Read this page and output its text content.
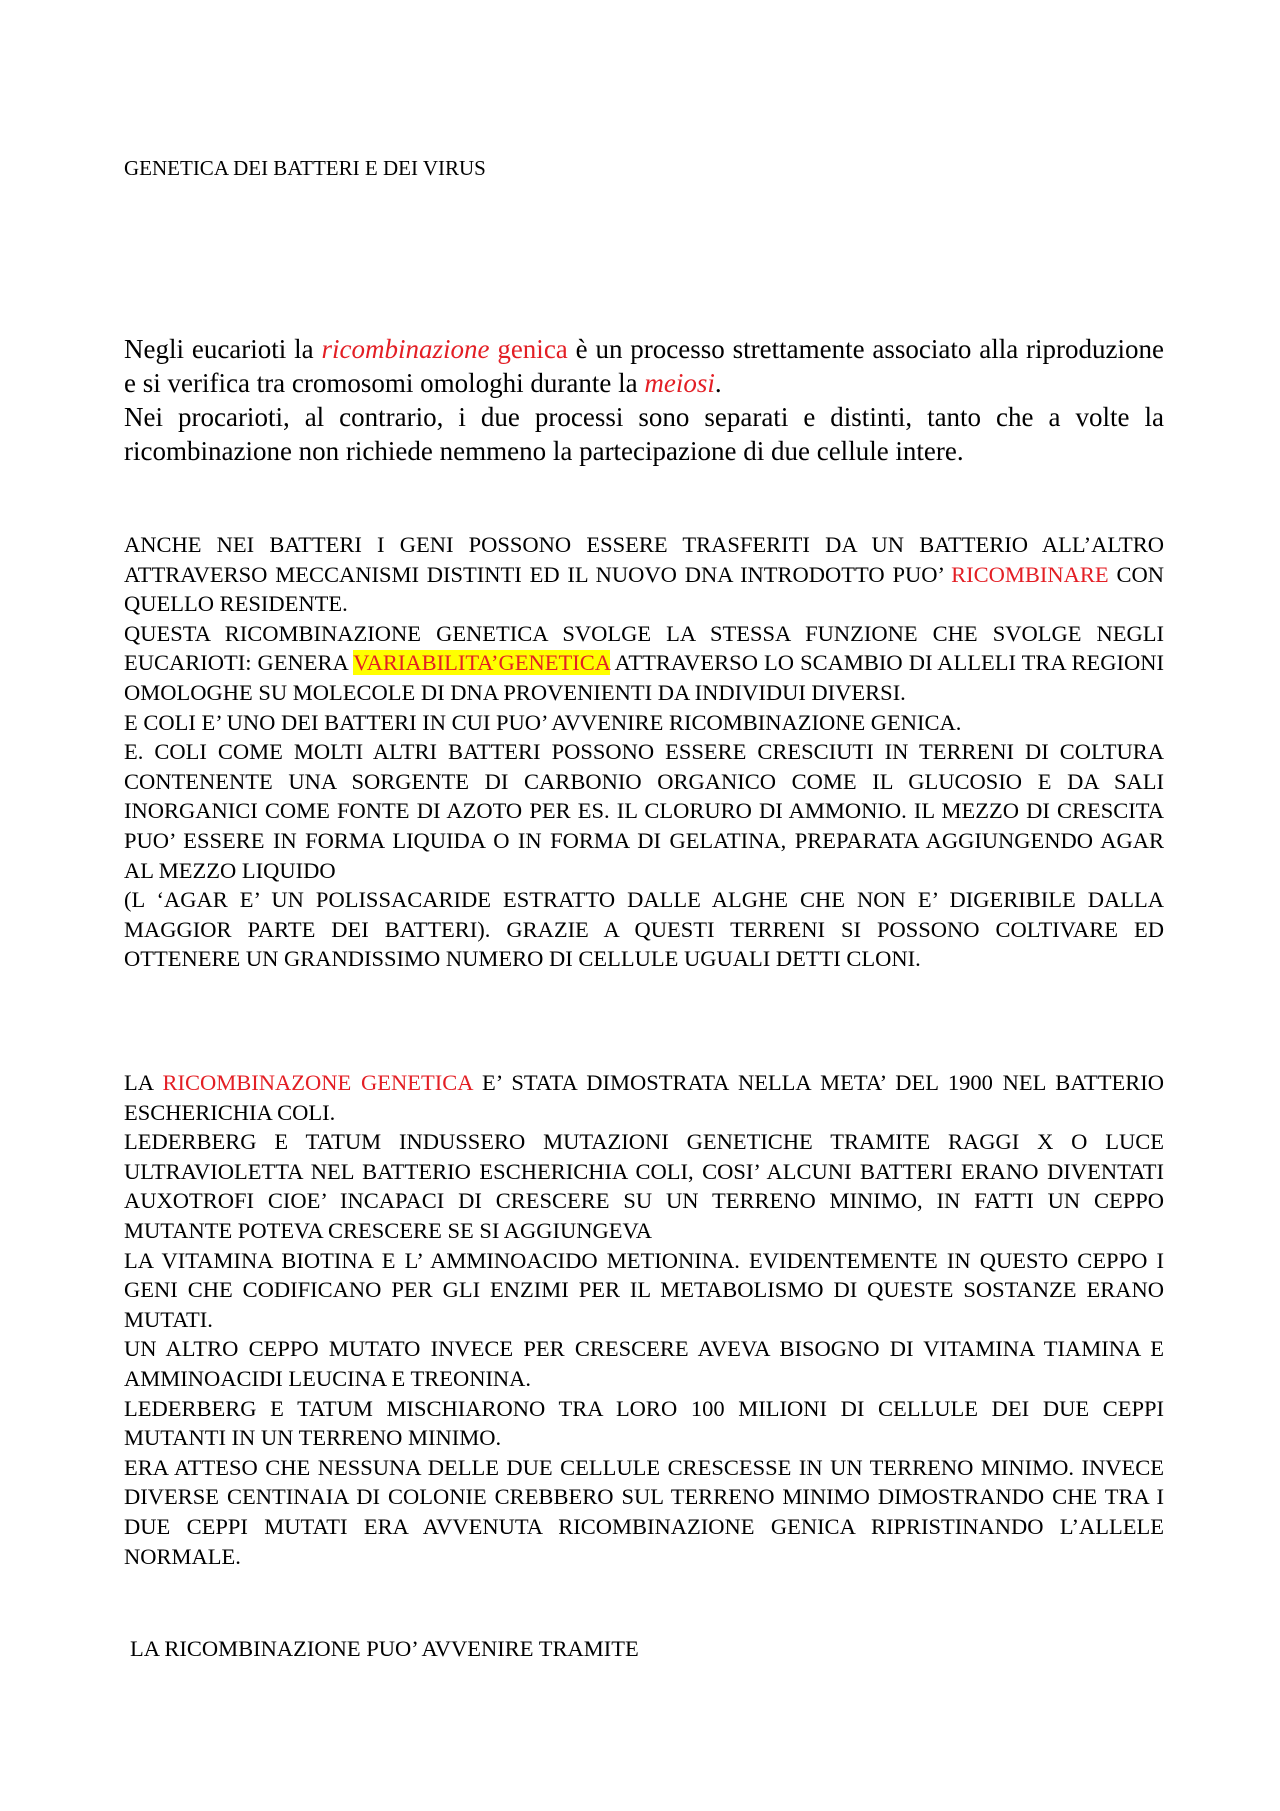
GENETICA DEI BATTERI E DEI VIRUS

Negli eucarioti la ricombinazione genica è un processo strettamente associato alla riproduzione e si verifica tra cromosomi omologhi durante la meiosi.

Nei procarioti, al contrario, i due processi sono separati e distinti, tanto che a volte la ricombinazione non richiede nemmeno la partecipazione di due cellule intere.

ANCHE NEI BATTERI I GENI POSSONO ESSERE TRASFERITI DA UN BATTERIO ALL’ALTRO ATTRAVERSO MECCANISMI DISTINTI ED IL NUOVO DNA INTRODOTTO PUO’ RICOMBINARE CON QUELLO RESIDENTE.

QUESTA RICOMBINAZIONE GENETICA SVOLGE LA STESSA FUNZIONE CHE SVOLGE NEGLI EUCARIOTI: GENERA VARIABILITA’GENETICA ATTRAVERSO LO SCAMBIO DI ALLELI TRA REGIONI OMOLOGHE SU MOLECOLE DI DNA PROVENIENTI DA INDIVIDUI DIVERSI.

E COLI E’ UNO DEI BATTERI IN CUI PUO’ AVVENIRE RICOMBINAZIONE GENICA.

E. COLI COME MOLTI ALTRI BATTERI POSSONO ESSERE CRESCIUTI IN TERRENI DI COLTURA CONTENENTE UNA SORGENTE DI CARBONIO ORGANICO COME IL GLUCOSIO E DA SALI INORGANICI COME FONTE DI AZOTO PER ES. IL CLORURO DI AMMONIO. IL MEZZO DI CRESCITA PUO’ ESSERE IN FORMA LIQUIDA O IN FORMA DI GELATINA, PREPARATA AGGIUNGENDO AGAR AL MEZZO LIQUIDO

(L ‘AGAR E’ UN POLISSACARIDE ESTRATTO DALLE ALGHE CHE NON E’ DIGERIBILE DALLA MAGGIOR PARTE DEI BATTERI). GRAZIE A QUESTI TERRENI SI POSSONO COLTIVARE ED OTTENERE UN GRANDISSIMO NUMERO DI CELLULE UGUALI DETTI CLONI.

LA RICOMBINAZONE GENETICA E’ STATA DIMOSTRATA NELLA META’ DEL 1900 NEL BATTERIO ESCHERICHIA COLI.

LEDERBERG E TATUM INDUSSERO MUTAZIONI GENETICHE TRAMITE RAGGI X O LUCE ULTRAVIOLETTA NEL BATTERIO ESCHERICHIA COLI, COSI’ ALCUNI BATTERI ERANO DIVENTATI AUXOTROFI CIOE’ INCAPACI DI CRESCERE SU UN TERRENO MINIMO, IN FATTI UN CEPPO MUTANTE POTEVA CRESCERE SE SI AGGIUNGEVA

LA VITAMINA BIOTINA E L’ AMMINOACIDO METIONINA. EVIDENTEMENTE IN QUESTO CEPPO I GENI CHE CODIFICANO PER GLI ENZIMI PER IL METABOLISMO DI QUESTE SOSTANZE ERANO MUTATI.

UN ALTRO CEPPO MUTATO INVECE PER CRESCERE AVEVA BISOGNO DI VITAMINA TIAMINA E AMMINOACIDI LEUCINA E TREONINA.

LEDERBERG E TATUM MISCHIARONO TRA LORO 100 MILIONI DI CELLULE DEI DUE CEPPI MUTANTI IN UN TERRENO MINIMO.

ERA ATTESO CHE NESSUNA DELLE DUE CELLULE CRESCESSE IN UN TERRENO MINIMO. INVECE DIVERSE CENTINAIA DI COLONIE CREBBERO SUL TERRENO MINIMO DIMOSTRANDO CHE TRA I DUE CEPPI MUTATI ERA AVVENUTA RICOMBINAZIONE GENICA RIPRISTINANDO L’ALLELE NORMALE.

LA RICOMBINAZIONE PUO’ AVVENIRE TRAMITE
